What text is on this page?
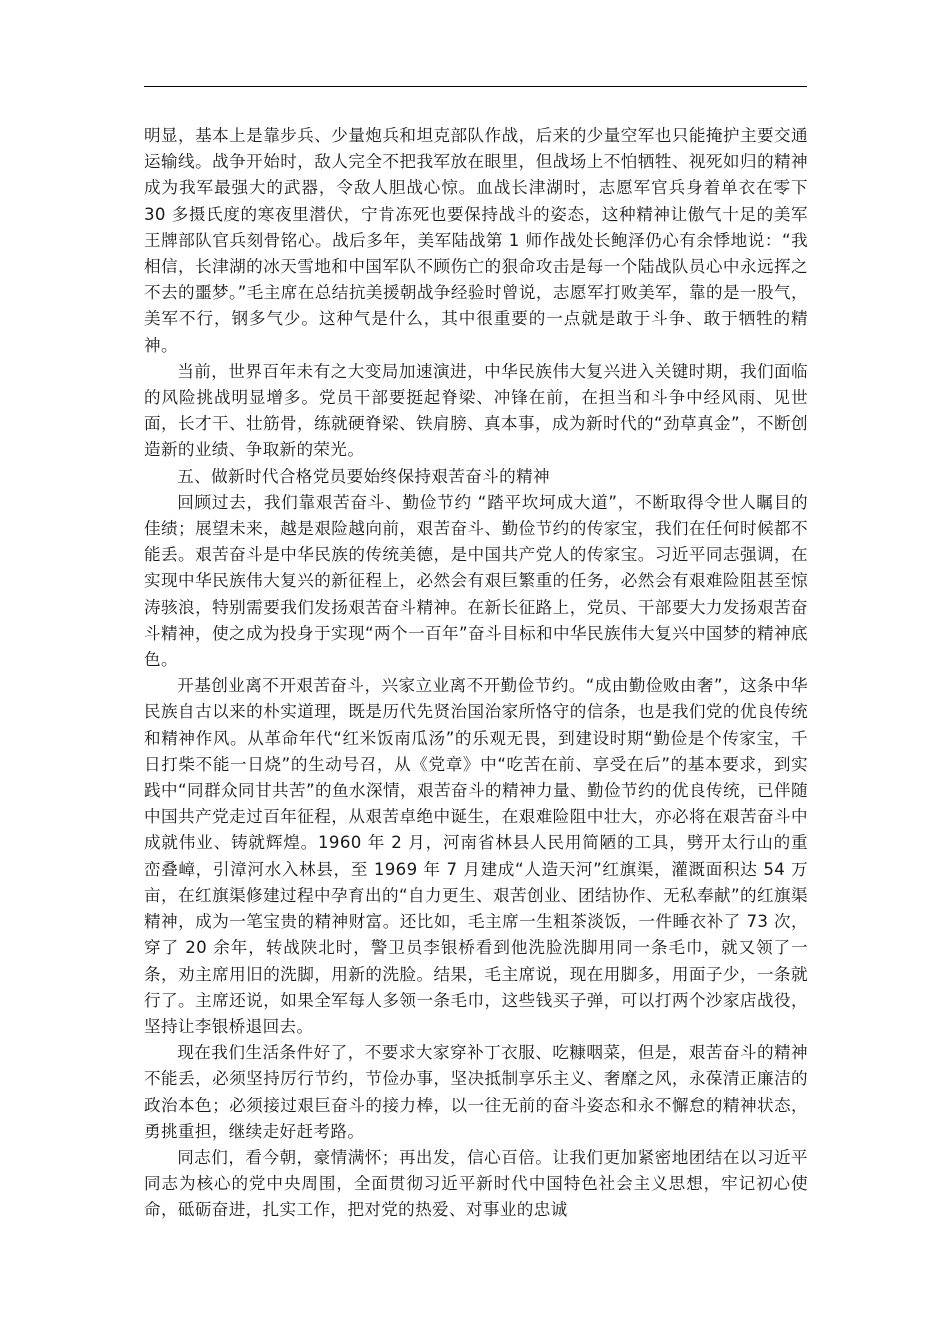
明显，基本上是靠步兵、少量炮兵和坦克部队作战，后来的少量空军也只能掩护主要交通运输线。战争开始时，敌人完全不把我军放在眼里，但战场上不怕牺牲、视死如归的精神成为我军最强大的武器，令敌人胆战心惊。血战长津湖时，志愿军官兵身着单衣在零下 30 多摄氏度的寒夜里潜伏，宁肯冻死也要保持战斗的姿态，这种精神让傲气十足的美军王牌部队官兵刻骨铭心。战后多年，美军陆战第 1 师作战处长鲍泽仍心有余悸地说：“我相信，长津湖的冰天雪地和中国军队不顾伤亡的狠命攻击是每一个陆战队员心中永远挥之不去的噩梦。”毛主席在总结抗美援朝战争经验时曾说，志愿军打败美军，靠的是一股气，美军不行，钢多气少。这种气是什么，其中很重要的一点就是敢于斗争、敢于牺牲的精神。

当前，世界百年未有之大变局加速演进，中华民族伟大复兴进入关键时期，我们面临的风险挑战明显增多。党员干部要挺起脊梁、冲锋在前，在担当和斗争中经风雨、见世面，长才干、壮筋骨，练就硬脊梁、铁肩膀、真本事，成为新时代的“劲草真金”，不断创造新的业绩、争取新的荣光。

五、做新时代合格党员要始终保持艰苦奋斗的精神

回顾过去，我们靠艰苦奋斗、勤俭节约 “踏平坎坷成大道”，不断取得令世人瞩目的佳绩；展望未来，越是艰险越向前，艰苦奋斗、勤俭节约的传家宝，我们在任何时候都不能丢。艰苦奋斗是中华民族的传统美德，是中国共产党人的传家宝。习近平同志强调，在实现中华民族伟大复兴的新征程上，必然会有艰巨繁重的任务，必然会有艰难险阻甚至惊涛骇浪，特别需要我们发扬艰苦奋斗精神。在新长征路上，党员、干部要大力发扬艰苦奋斗精神，使之成为投身于实现“两个一百年”奋斗目标和中华民族伟大复兴中国梦的精神底色。

开基创业离不开艰苦奋斗，兴家立业离不开勤俭节约。“成由勤俭败由奢”，这条中华民族自古以来的朴实道理，既是历代先贤治国治家所恪守的信条，也是我们党的优良传统和精神作风。从革命年代“红米饭南瓜汤”的乐观无畏，到建设时期“勤俭是个传家宝，千日打柴不能一日烧”的生动号召，从《党章》中“吃苦在前、享受在后”的基本要求，到实践中“同群众同甘共苦”的鱼水深情，艰苦奋斗的精神力量、勤俭节约的优良传统，已伴随中国共产党走过百年征程，从艰苦卓绝中诞生，在艰难险阻中壮大，亦必将在艰苦奋斗中成就伟业、铸就辉煌。1960 年 2 月，河南省林县人民用简陋的工具，劈开太行山的重峦叠嶂，引漳河水入林县，至 1969 年 7 月建成“人造天河”红旗渠，灌溉面积达 54 万亩，在红旗渠修建过程中孕育出的“自力更生、艰苦创业、团结协作、无私奉献”的红旗渠精神，成为一笔宝贵的精神财富。还比如，毛主席一生粗茶淡饭，一件睡衣补了 73 次，穿了 20 余年，转战陕北时，警卫员李银桥看到他洗脸洗脚用同一条毛巾，就又领了一条，劝主席用旧的洗脚，用新的洗脸。结果，毛主席说，现在用脚多，用面子少，一条就行了。主席还说，如果全军每人多领一条毛巾，这些钱买子弹，可以打两个沙家店战役，坚持让李银桥退回去。

现在我们生活条件好了，不要求大家穿补丁衣服、吃糠咽菜，但是，艰苦奋斗的精神不能丢，必须坚持厉行节约，节俭办事，坚决抵制享乐主义、奢靡之风，永葆清正廉洁的政治本色；必须接过艰巨奋斗的接力棒，以一往无前的奋斗姿态和永不懈怠的精神状态，勇挑重担，继续走好赶考路。

同志们，看今朝，豪情满怀；再出发，信心百倍。让我们更加紧密地团结在以习近平同志为核心的党中央周围，全面贯彻习近平新时代中国特色社会主义思想，牢记初心使命，砥砺奋进，扎实工作，把对党的热爱、对事业的忠诚
